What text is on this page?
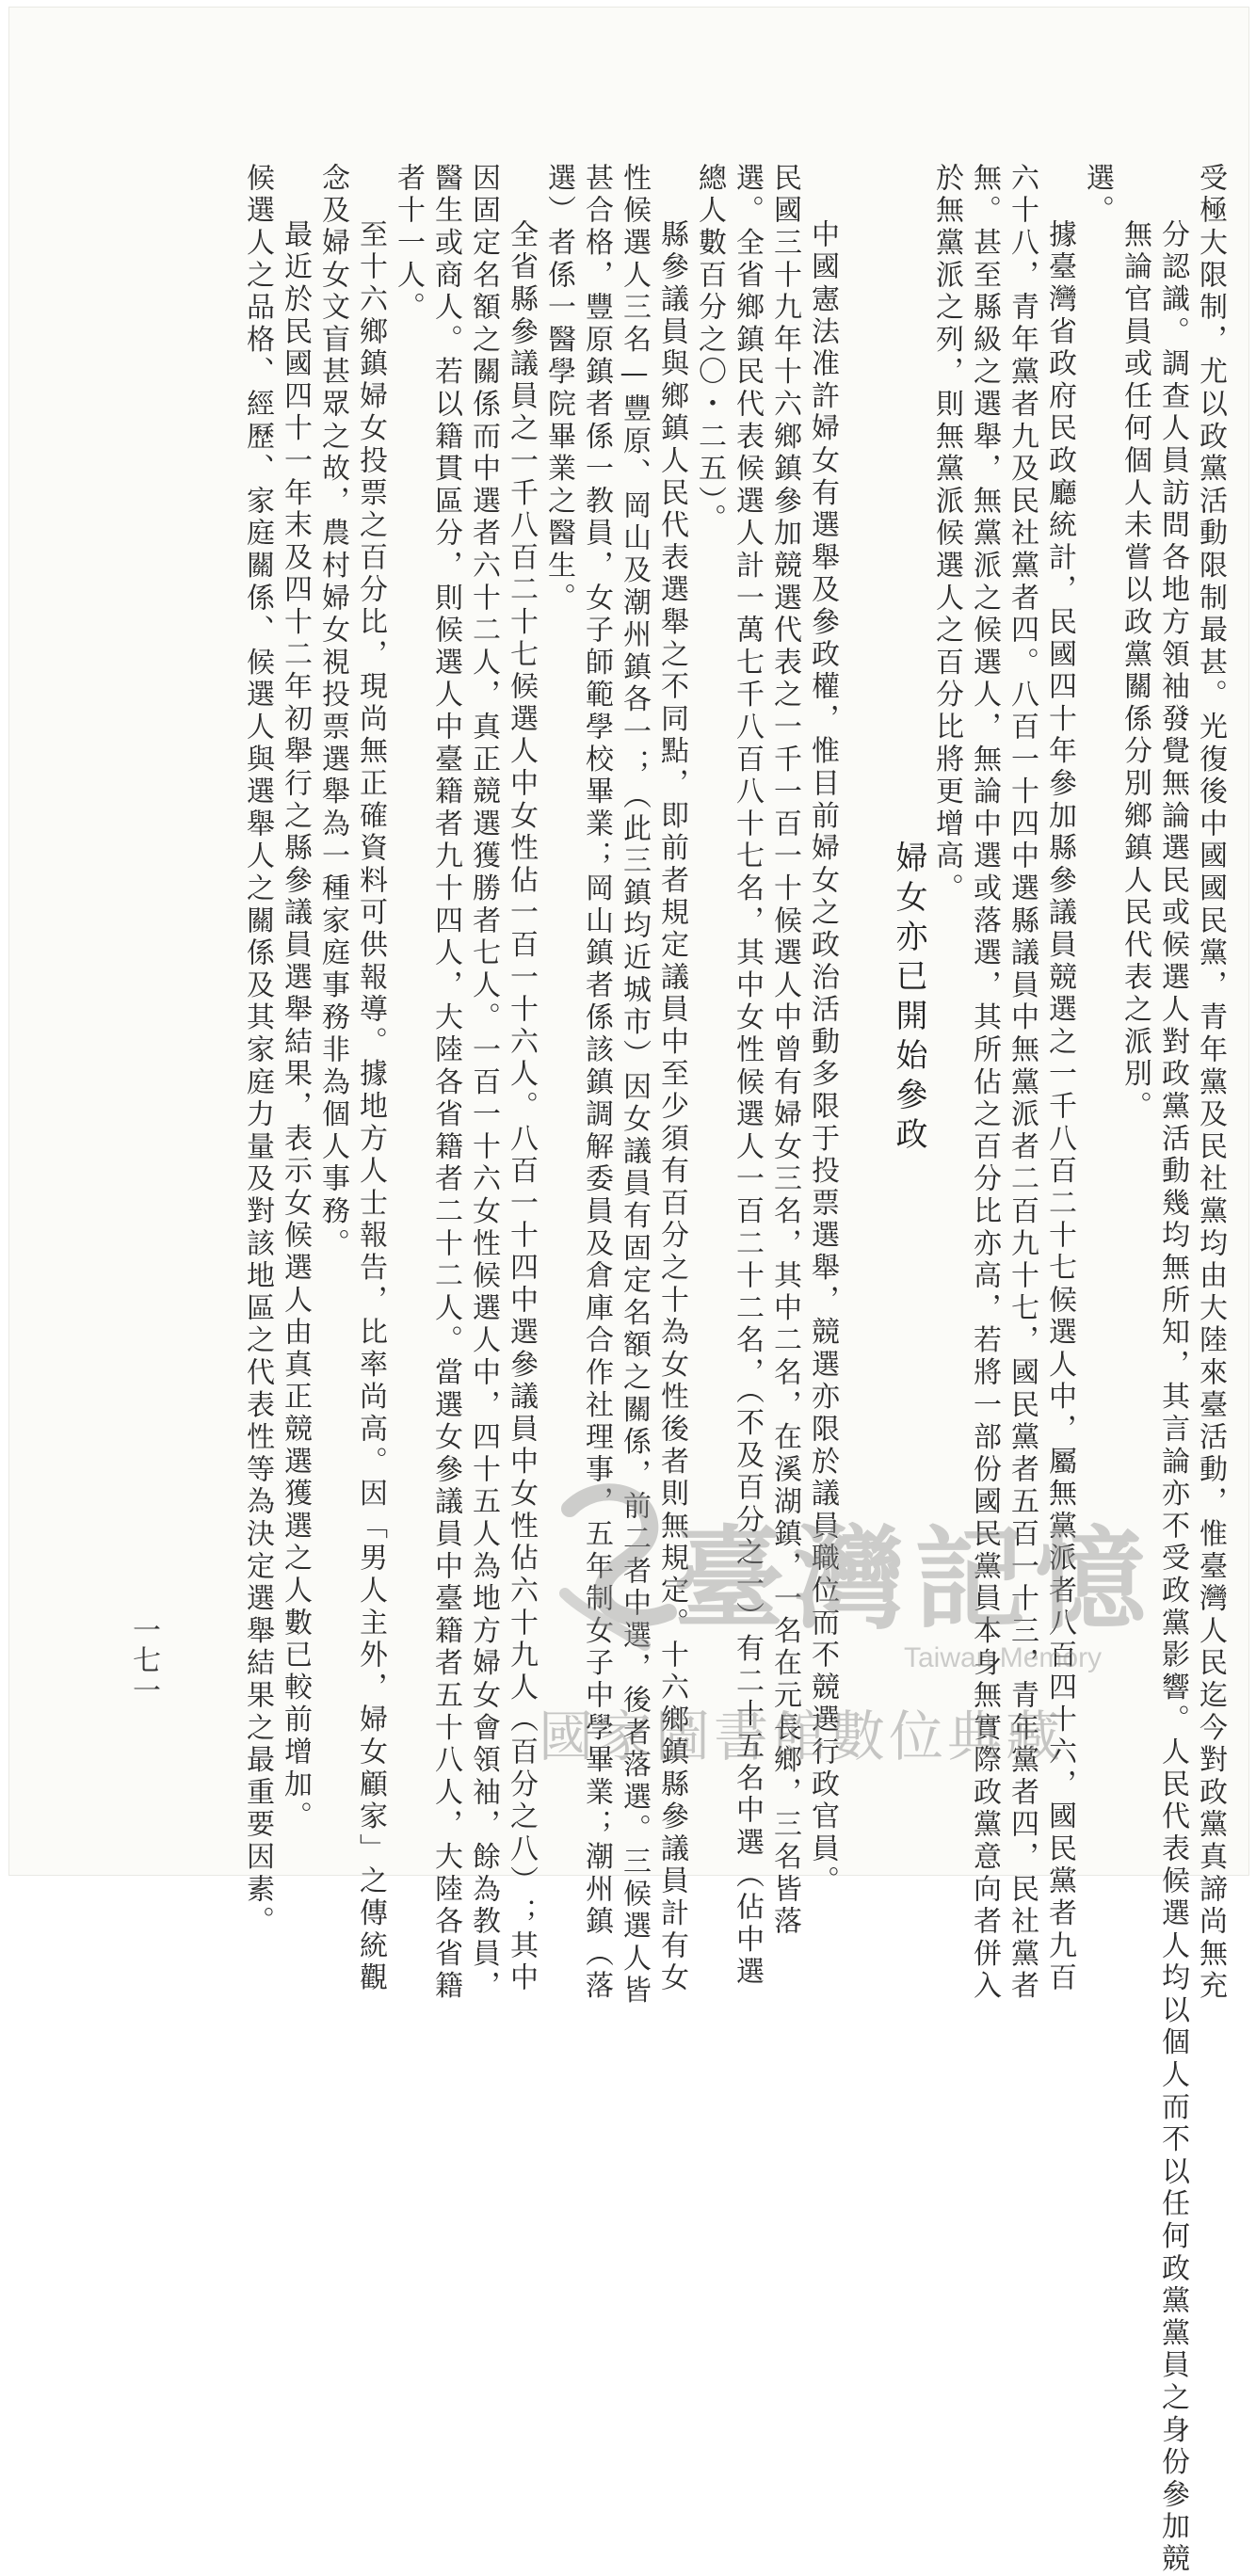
受極大限制，尤以政黨活動限制最甚。光復後中國國民黨，青年黨及民社黨均由大陸來臺活動，惟臺灣人民迄今對政黨真諦尚無充
分認識。調查人員訪問各地方領袖發覺無論選民或候選人對政黨活動幾均無所知，其言論亦不受政黨影響。人民代表候選人均以個人而不以任何政黨黨員之身份參加競
無論官員或任何個人未嘗以政黨關係分別鄉鎮人民代表之派別。
選。
據臺灣省政府民政廳統計，民國四十年參加縣參議員競選之一千八百二十七候選人中，屬無黨派者八百四十六，國民黨者九百
六十八，青年黨者九及民社黨者四。八百一十四中選縣議員中無黨派者二百九十七，國民黨者五百一十三，青年黨者四，民社黨者
無。甚至縣級之選舉，無黨派之候選人，無論中選或落選，其所佔之百分比亦高，若將一部份國民黨員本身無實際政黨意向者併入
於無黨派之列，則無黨派候選人之百分比將更增高。
婦女亦已開始參政
中國憲法准許婦女有選舉及參政權，惟目前婦女之政治活動多限于投票選舉，競選亦限於議員職位而不競選行政官員。
民國三十九年十六鄉鎮參加競選代表之一千一百一十候選人中曾有婦女三名，其中二名，在溪湖鎮，一名在元長鄉，三名皆落
選。全省鄉鎮民代表候選人計一萬七千八百八十七名，其中女性候選人一百二十二名，（不及百分之一）有二十五名中選（佔中選
總人數百分之〇・二五）。
縣參議員與鄉鎮人民代表選舉之不同點，即前者規定議員中至少須有百分之十為女性後者則無規定。十六鄉鎮縣參議員計有女
性候選人三名—豐原、岡山及潮州鎮各一；（此三鎮均近城市）因女議員有固定名額之關係，前二者中選，後者落選。三候選人皆
甚合格，豐原鎮者係一教員，女子師範學校畢業；岡山鎮者係該鎮調解委員及倉庫合作社理事，五年制女子中學畢業；潮州鎮（落
選）者係一醫學院畢業之醫生。
全省縣參議員之一千八百二十七候選人中女性佔一百一十六人。八百一十四中選參議員中女性佔六十九人（百分之八）；其中
因固定名額之關係而中選者六十二人，真正競選獲勝者七人。一百一十六女性候選人中，四十五人為地方婦女會領袖，餘為教員，
醫生或商人。若以籍貫區分，則候選人中臺籍者九十四人，大陸各省籍者二十二人。當選女參議員中臺籍者五十八人，大陸各省籍
者十一人。
至十六鄉鎮婦女投票之百分比，現尚無正確資料可供報導。據地方人士報告，比率尚高。因「男人主外，婦女顧家」之傳統觀
念及婦女文盲甚眾之故，農村婦女視投票選舉為一種家庭事務非為個人事務。
最近於民國四十一年末及四十二年初舉行之縣參議員選舉結果，表示女候選人由真正競選獲選之人數已較前增加。
候選人之品格、經歷、家庭關係、候選人與選舉人之關係及其家庭力量及對該地區之代表性等為決定選舉結果之最重要因素。
一七一
臺灣記憶
Taiwan Memory
國家圖書館數位典藏
